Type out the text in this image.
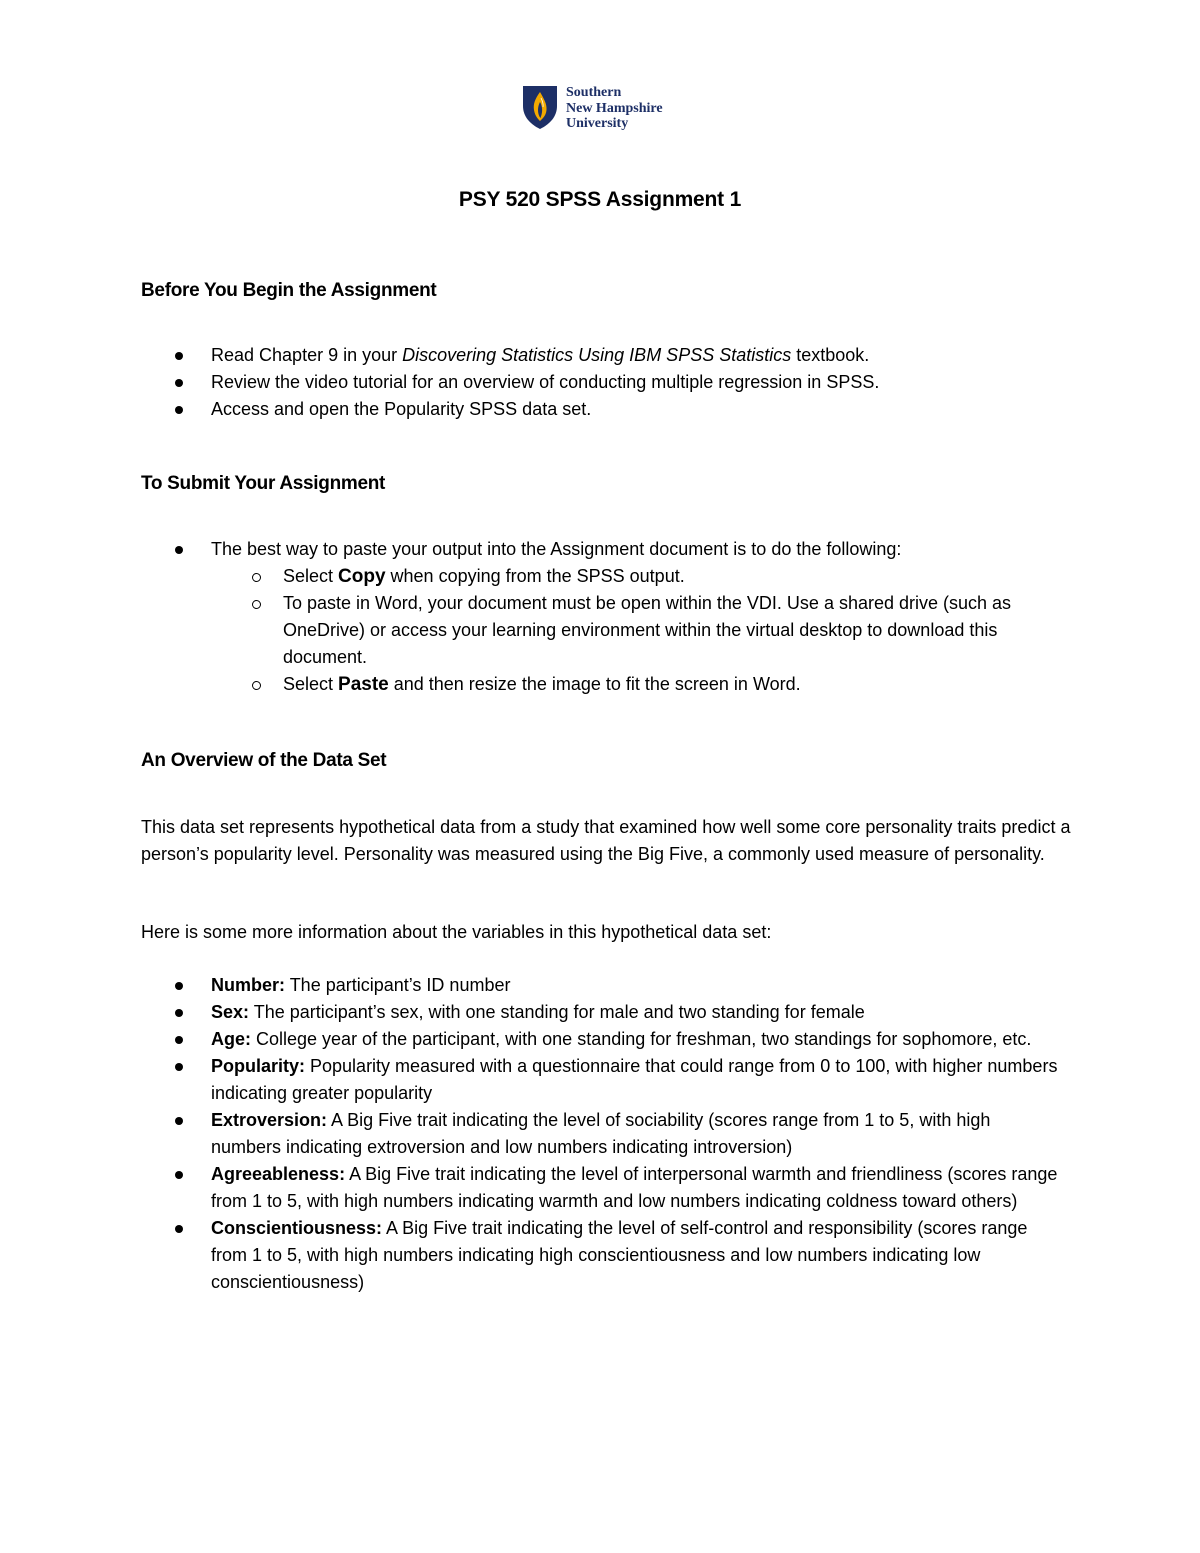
Southern
New Hampshire
University
PSY 520 SPSS Assignment 1
Before You Begin the Assignment
Read Chapter 9 in your Discovering Statistics Using IBM SPSS Statistics textbook.
Review the video tutorial for an overview of conducting multiple regression in SPSS.
Access and open the Popularity SPSS data set.
To Submit Your Assignment
The best way to paste your output into the Assignment document is to do the following:
Select Copy when copying from the SPSS output.
To paste in Word, your document must be open within the VDI. Use a shared drive (such as OneDrive) or access your learning environment within the virtual desktop to download this document.
Select Paste and then resize the image to fit the screen in Word.
An Overview of the Data Set

This data set represents hypothetical data from a study that examined how well some core personality traits predict a person’s popularity level. Personality was measured using the Big Five, a commonly used measure of personality.

Here is some more information about the variables in this hypothetical data set:

Number: The participant’s ID number
Sex: The participant’s sex, with one standing for male and two standing for female
Age: College year of the participant, with one standing for freshman, two standings for sophomore, etc.
Popularity: Popularity measured with a questionnaire that could range from 0 to 100, with higher numbers indicating greater popularity
Extroversion: A Big Five trait indicating the level of sociability (scores range from 1 to 5, with high numbers indicating extroversion and low numbers indicating introversion)
Agreeableness: A Big Five trait indicating the level of interpersonal warmth and friendliness (scores range from 1 to 5, with high numbers indicating warmth and low numbers indicating coldness toward others)
Conscientiousness: A Big Five trait indicating the level of self-control and responsibility (scores range from 1 to 5, with high numbers indicating high conscientiousness and low numbers indicating low conscientiousness)
